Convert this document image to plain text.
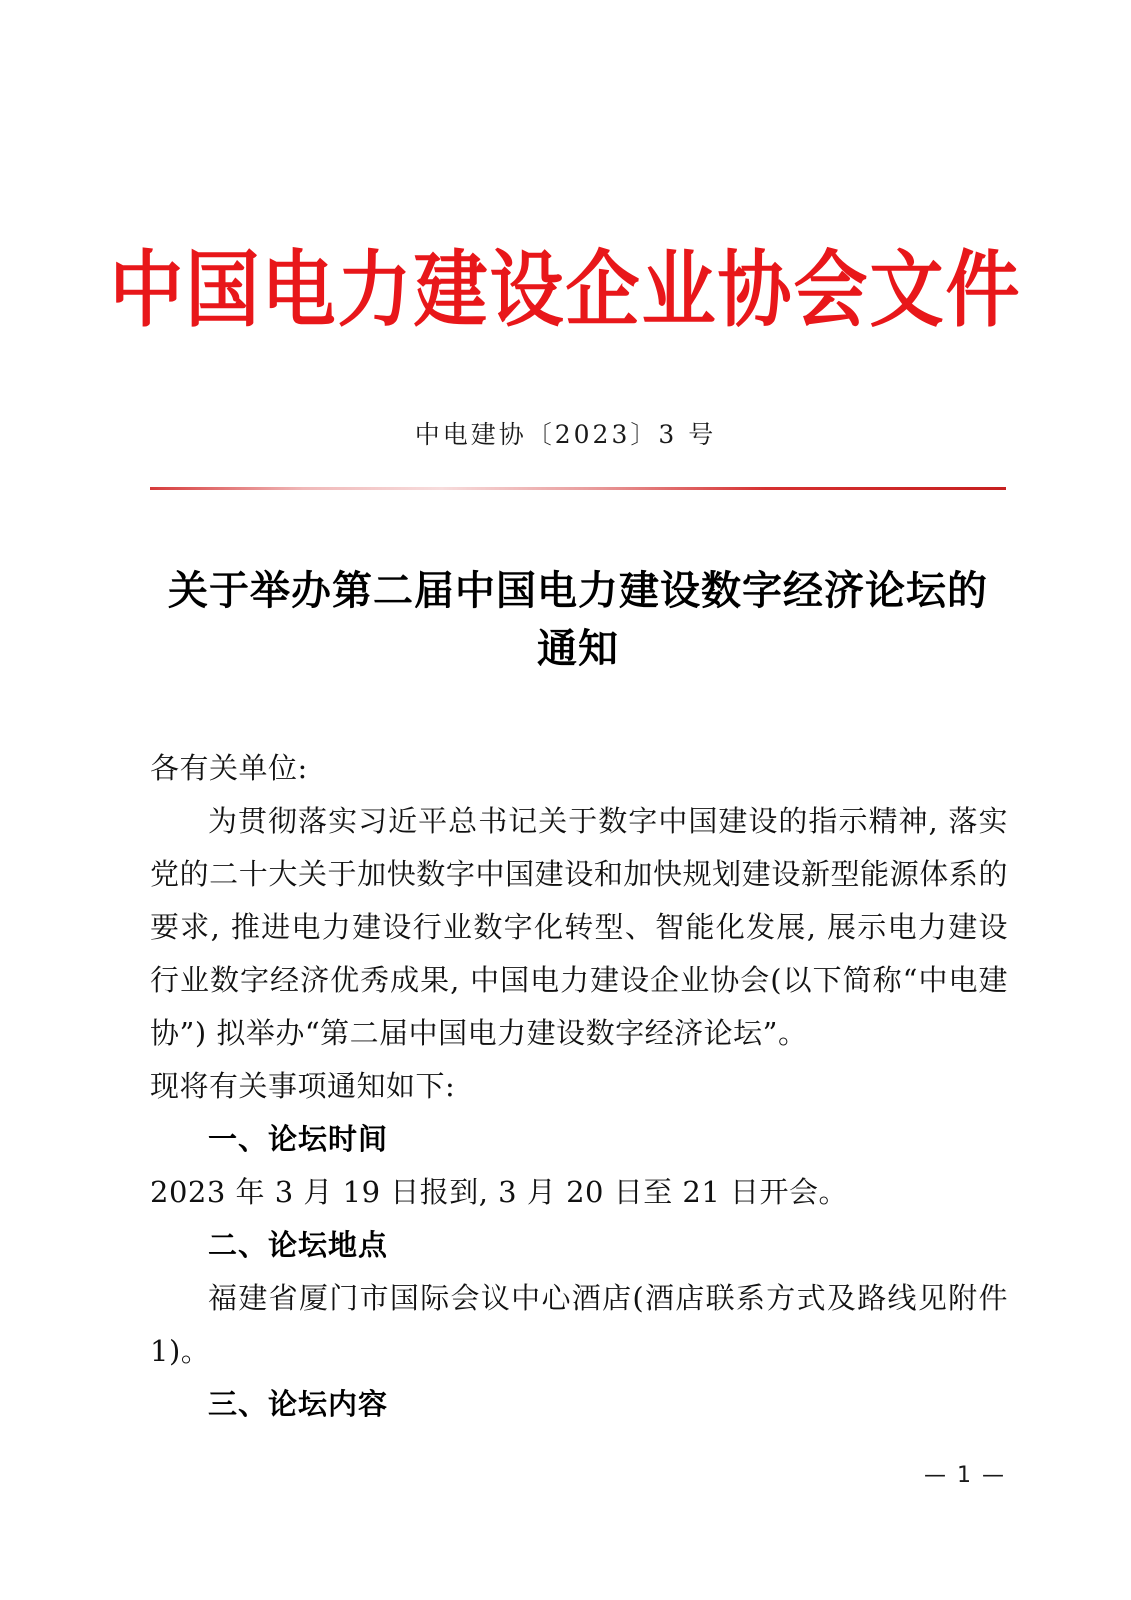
中国电力建设企业协会文件
中电建协〔2023〕3 号
关于举办第二届中国电力建设数字经济论坛的
通知

各有关单位:

为贯彻落实习近平总书记关于数字中国建设的指示精神, 落实党的二十大关于加快数字中国建设和加快规划建设新型能源体系的要求, 推进电力建设行业数字化转型、智能化发展, 展示电力建设行业数字经济优秀成果, 中国电力建设企业协会(以下简称“中电建协”) 拟举办“第二届中国电力建设数字经济论坛”。

现将有关事项通知如下:

一、论坛时间

2023 年 3 月 19 日报到, 3 月 20 日至 21 日开会。

二、论坛地点

福建省厦门市国际会议中心酒店(酒店联系方式及路线见附件 1)。

三、论坛内容

— 1 —
